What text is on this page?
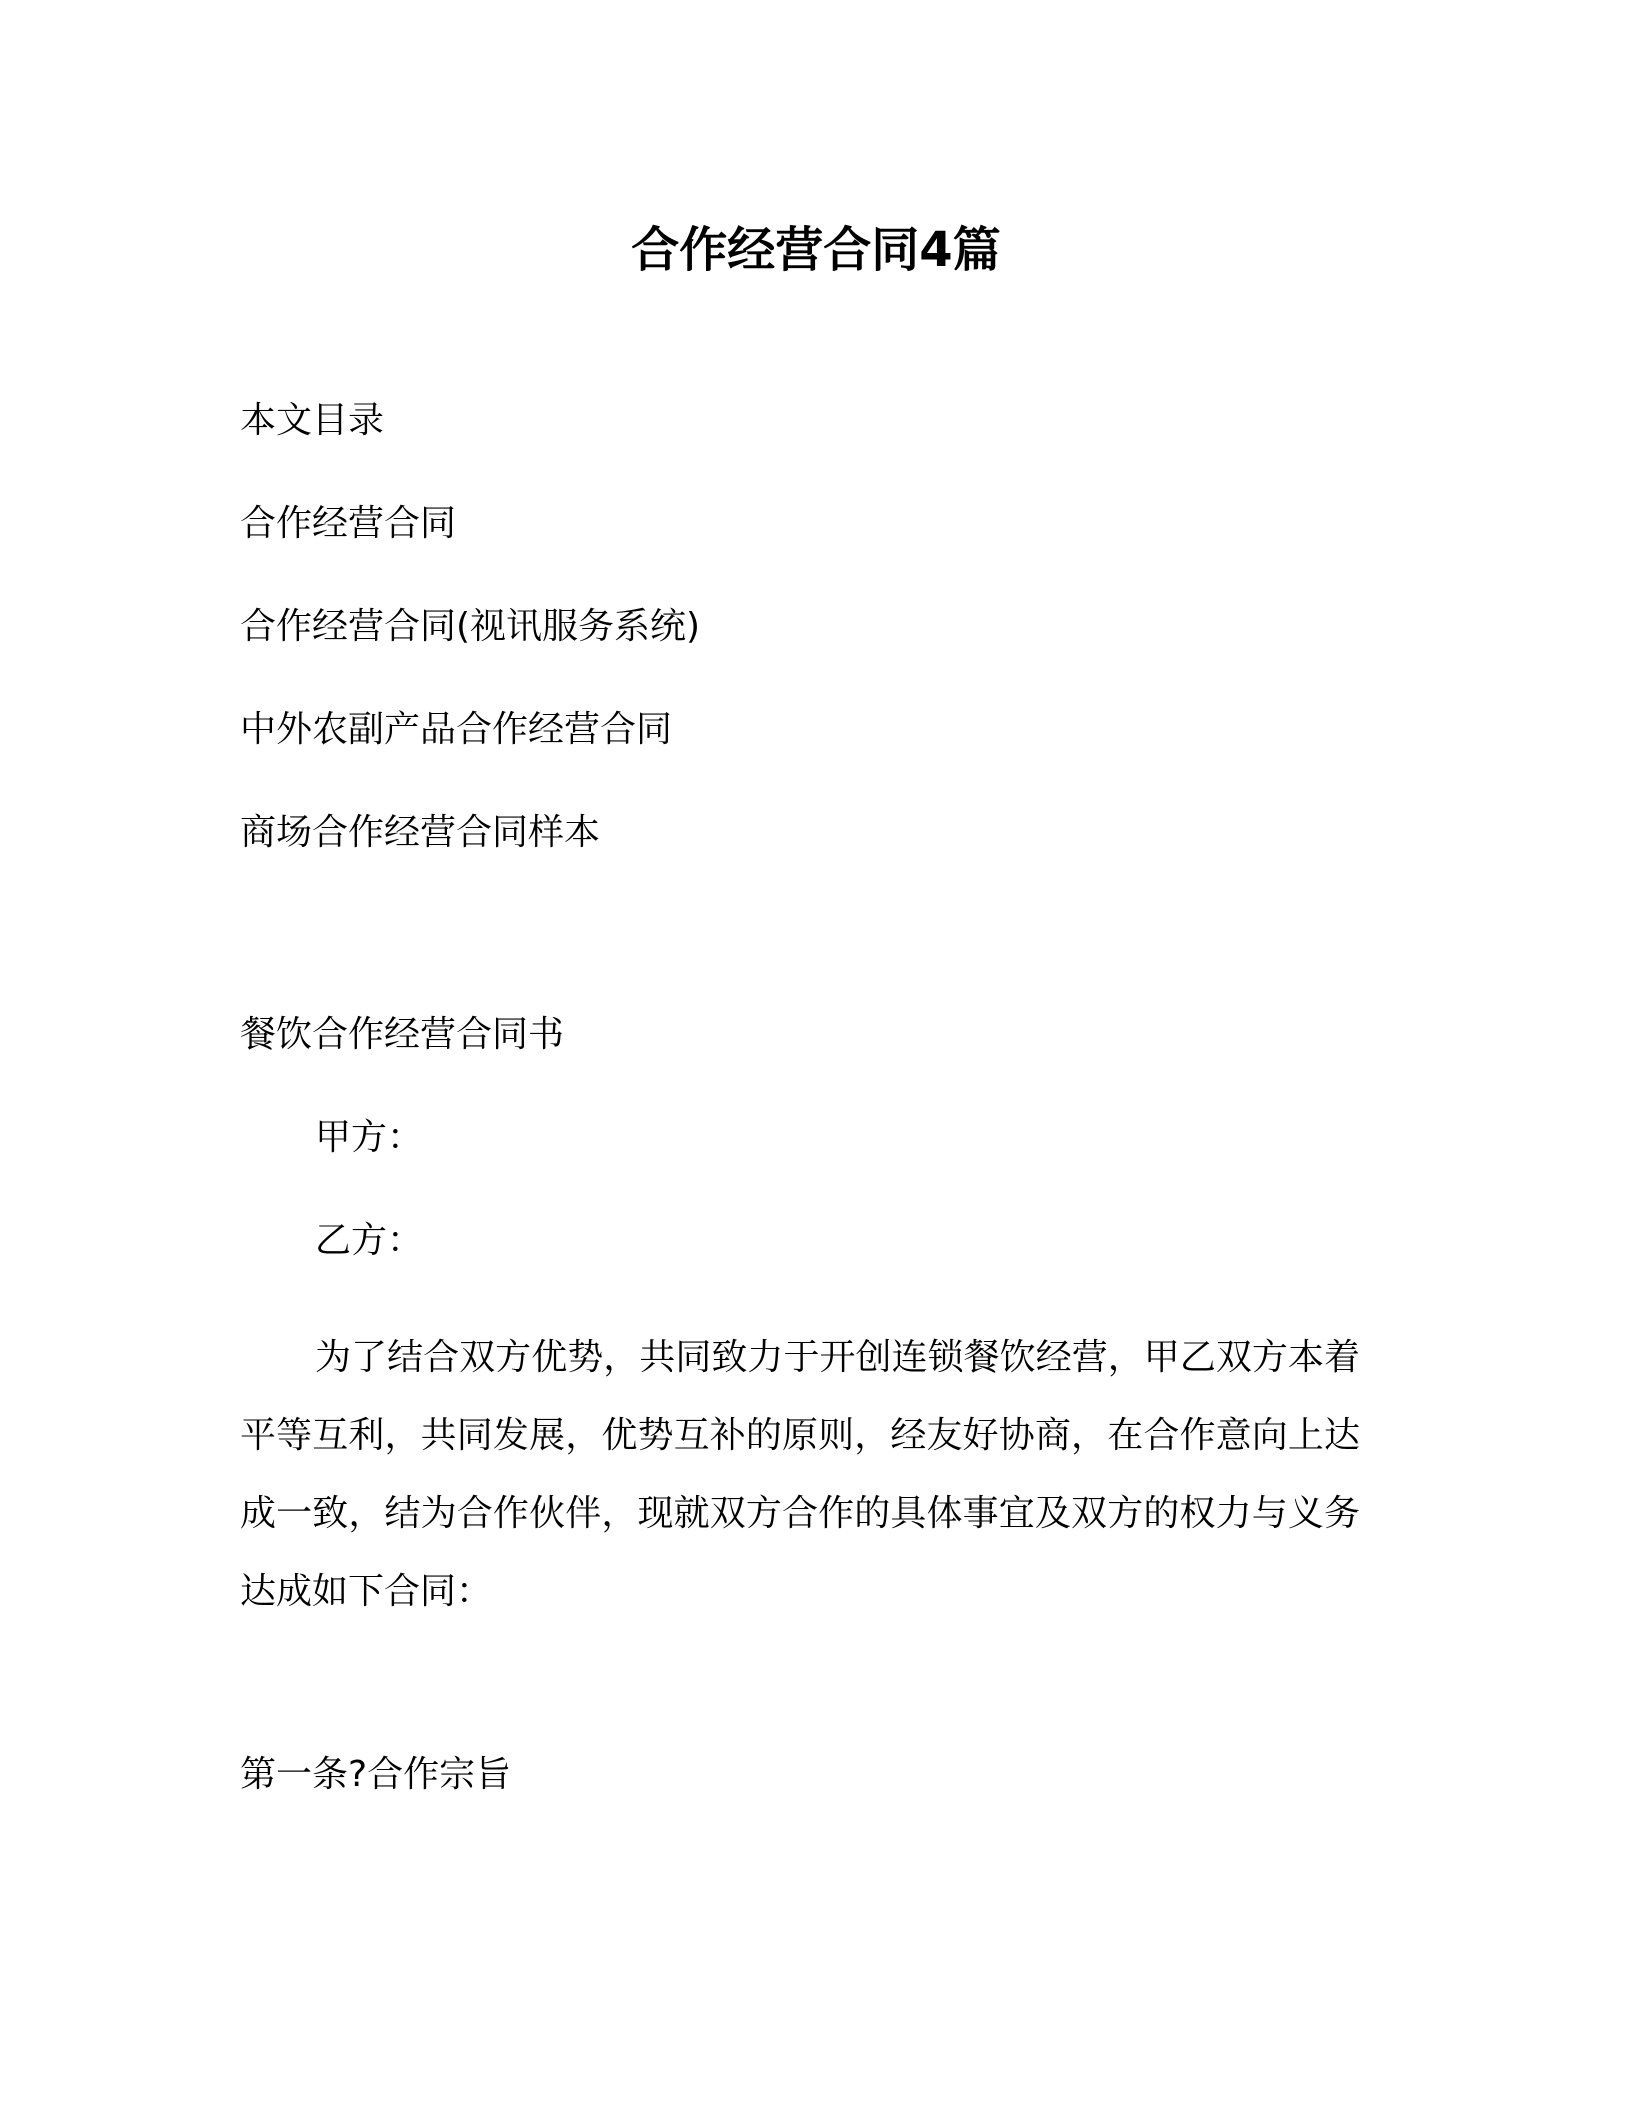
合作经营合同4篇
本文目录
合作经营合同
合作经营合同(视讯服务系统)
中外农副产品合作经营合同
商场合作经营合同样本
餐饮合作经营合同书
甲方：
乙方：
为了结合双方优势，共同致力于开创连锁餐饮经营，甲乙双方本着平等互利，共同发展，优势互补的原则，经友好协商，在合作意向上达成一致，结为合作伙伴，现就双方合作的具体事宜及双方的权力与义务达成如下合同：
第一条?合作宗旨
